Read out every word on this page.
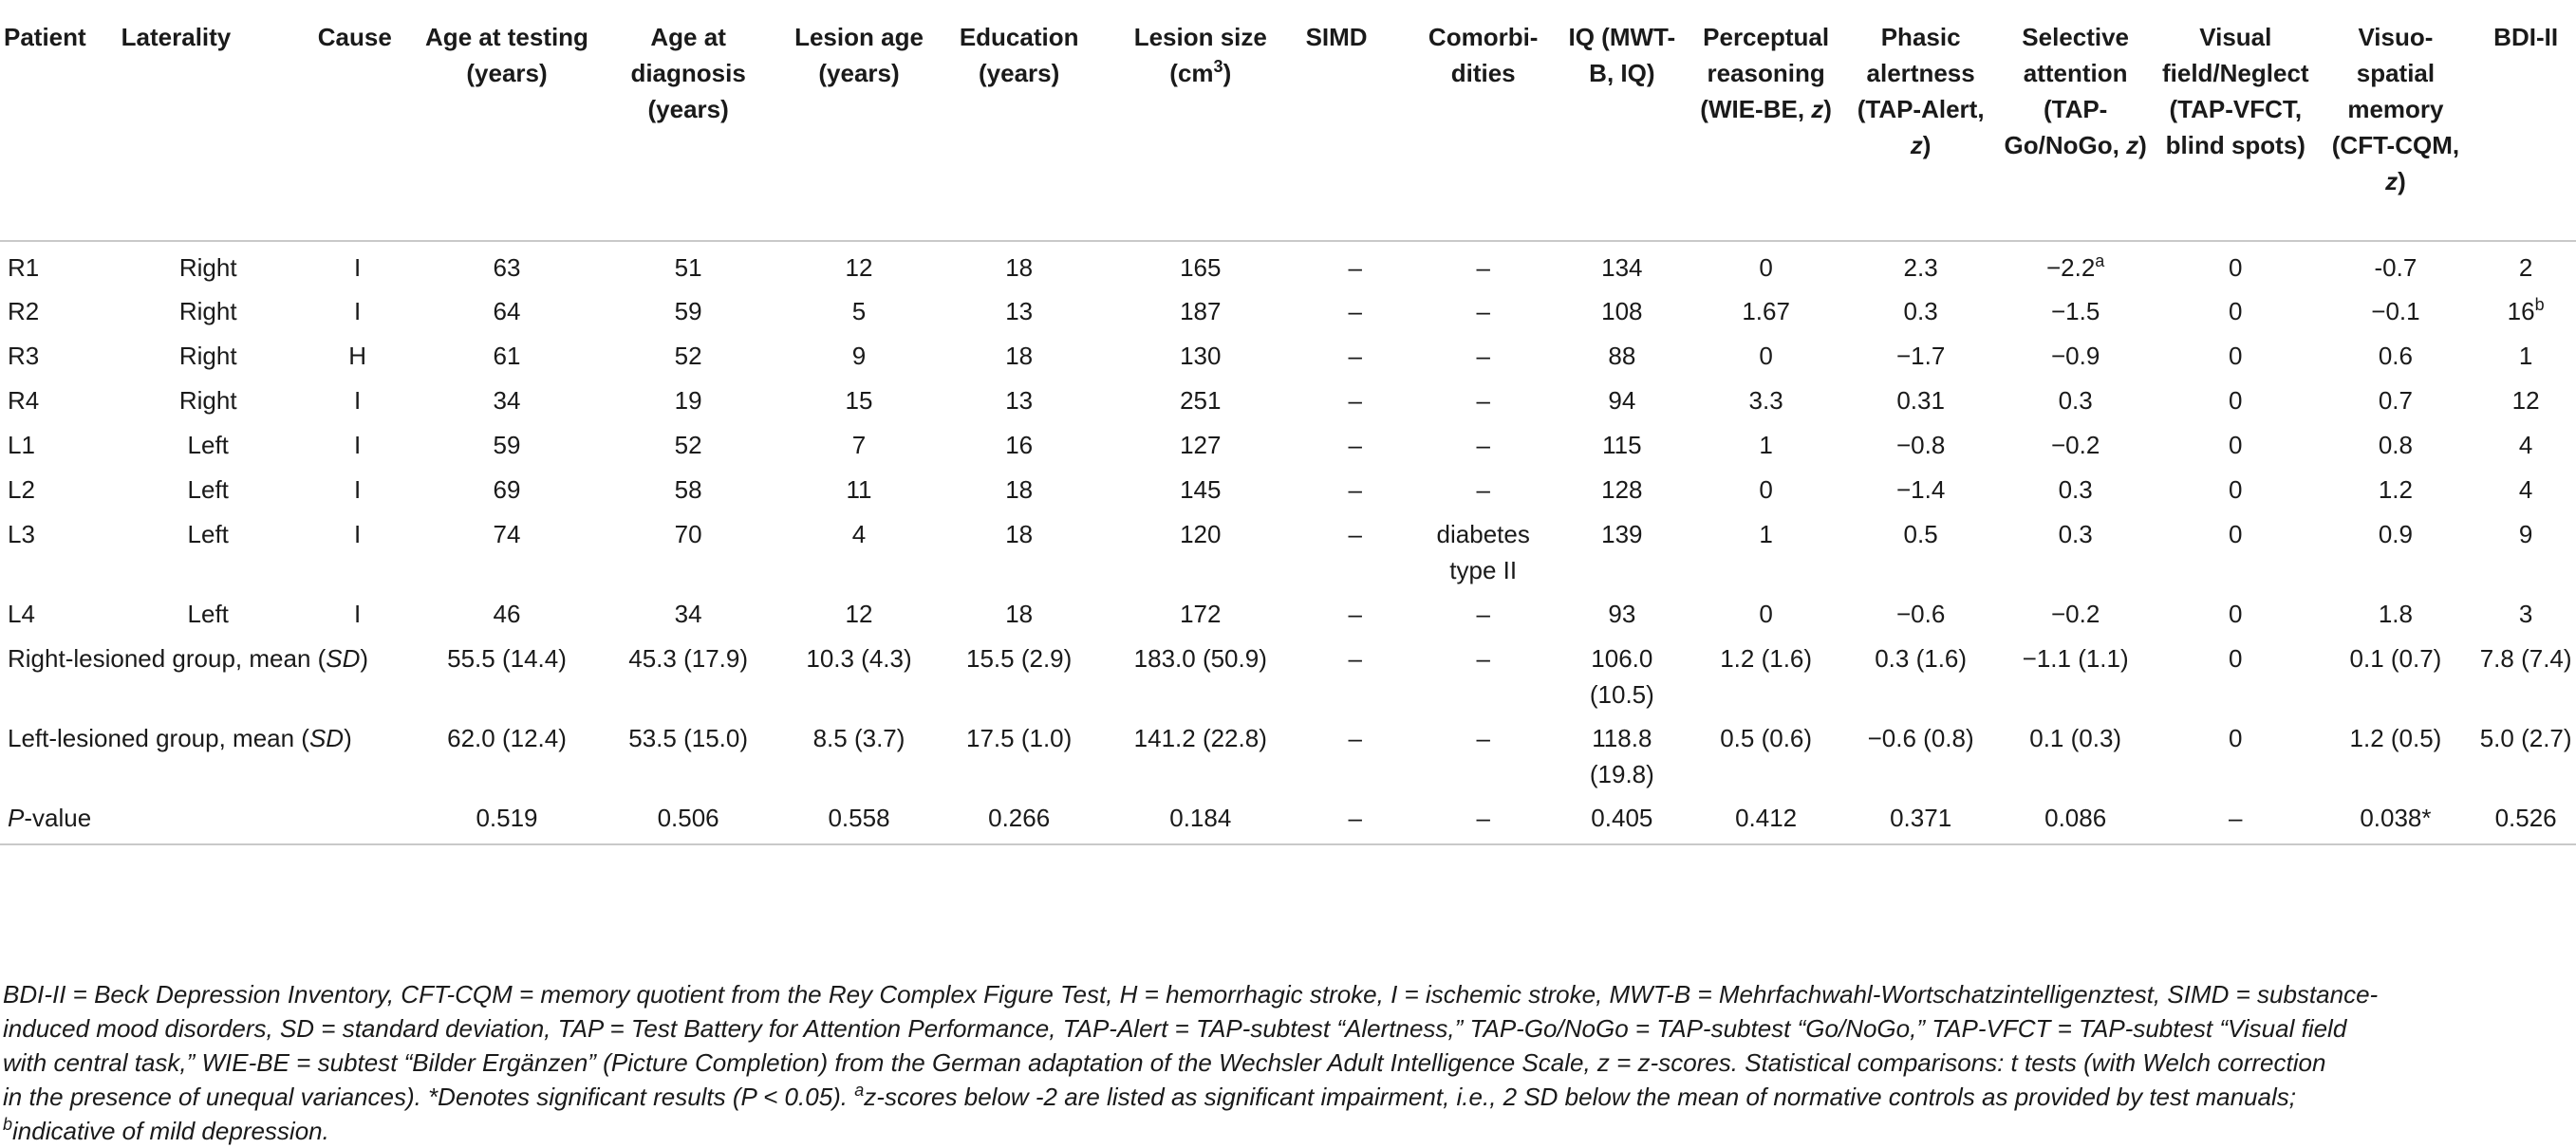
Patient	Laterality	Cause	Age at testing (years)	Age at diagnosis (years)	Lesion age (years)	Education (years)	Lesion size $(cm^3)$	SIMD	Comorbi-dities	IQ (MWT-B, IQ)	Perceptual reasoning (WIE-BE, z)	Phasic alertness (TAP-Alert, z)	Selective attention (TAP-Go/NoGo, z)	Visual field/Neglect (TAP-VFCT, blind spots)	Visuo-spatial memory (CFT-CQM, z)	BDI-II
R1	Right	I	63	51	12	18	165	–	–	134	0	2.3	−2.2$^a$	0	-0.7	2
R2	Right	I	64	59	5	13	187	–	–	108	1.67	0.3	−1.5	0	−0.1	16$^b$
R3	Right	H	61	52	9	18	130	–	–	88	0	−1.7	−0.9	0	0.6	1
R4	Right	I	34	19	15	13	251	–	–	94	3.3	0.31	0.3	0	0.7	12
L1	Left	I	59	52	7	16	127	–	–	115	1	−0.8	−0.2	0	0.8	4
L2	Left	I	69	58	11	18	145	–	–	128	0	−1.4	0.3	0	1.2	4
L3	Left	I	74	70	4	18	120	–	diabetes type II	139	1	0.5	0.3	0	0.9	9
L4	Left	I	46	34	12	18	172	–	–	93	0	−0.6	−0.2	0	1.8	3
Right-lesioned group, mean (SD)			55.5 (14.4)	45.3 (17.9)	10.3 (4.3)	15.5 (2.9)	183.0 (50.9)	–	–	106.0 (10.5)	1.2 (1.6)	0.3 (1.6)	−1.1 (1.1)	0	0.1 (0.7)	7.8 (7.4)
Left-lesioned group, mean (SD)			62.0 (12.4)	53.5 (15.0)	8.5 (3.7)	17.5 (1.0)	141.2 (22.8)	–	–	118.8 (19.8)	0.5 (0.6)	−0.6 (0.8)	0.1 (0.3)	0	1.2 (0.5)	5.0 (2.7)
P-value			0.519	0.506	0.558	0.266	0.184	–	–	0.405	0.412	0.371	0.086	–	0.038*	0.526
BDI-II = Beck Depression Inventory, CFT-CQM = memory quotient from the Rey Complex Figure Test, H = hemorrhagic stroke, I = ischemic stroke, MWT-B = Mehrfachwahl-Wortschatzintelligenztest, SIMD = substance-
induced mood disorders, SD = standard deviation, TAP = Test Battery for Attention Performance, TAP-Alert = TAP-subtest “Alertness,” TAP-Go/NoGo = TAP-subtest “Go/NoGo,” TAP-VFCT = TAP-subtest “Visual field
with central task,” WIE-BE = subtest “Bilder Ergänzen” (Picture Completion) from the German adaptation of the Wechsler Adult Intelligence Scale, z = z-scores. Statistical comparisons: t tests (with Welch correction
in the presence of unequal variances). *Denotes significant results (P < 0.05). $^a$z-scores below -2 are listed as significant impairment, i.e., 2 SD below the mean of normative controls as provided by test manuals;
$^b$indicative of mild depression.
